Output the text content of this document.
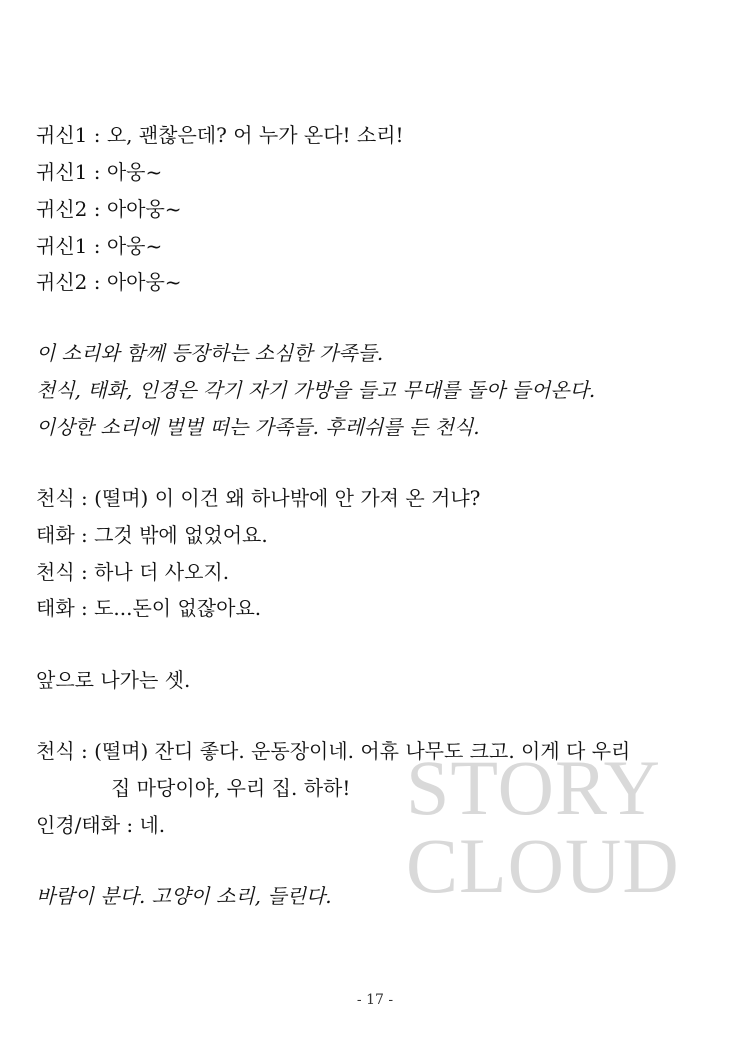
STORY
CLOUD
귀신1 : 오, 괜찮은데? 어 누가 온다! 소리!
귀신1 : 아웅~
귀신2 : 아아웅~
귀신1 : 아웅~
귀신2 : 아아웅~
이 소리와 함께 등장하는 소심한 가족들.
천식, 태화, 인경은 각기 자기 가방을 들고 무대를 돌아 들어온다.
이상한 소리에 벌벌 떠는 가족들. 후레쉬를 든 천식.
천식 : (떨며) 이 이건 왜 하나밖에 안 가져 온 거냐?
태화 : 그것 밖에 없었어요.
천식 : 하나 더 사오지.
태화 : 도...돈이 없잖아요.
앞으로 나가는 셋.
천식 : (떨며) 잔디 좋다. 운동장이네. 어휴 나무도 크고. 이게 다 우리
집 마당이야, 우리 집. 하하!
인경/태화 : 네.
바람이 분다. 고양이 소리, 들린다.
- 17 -
